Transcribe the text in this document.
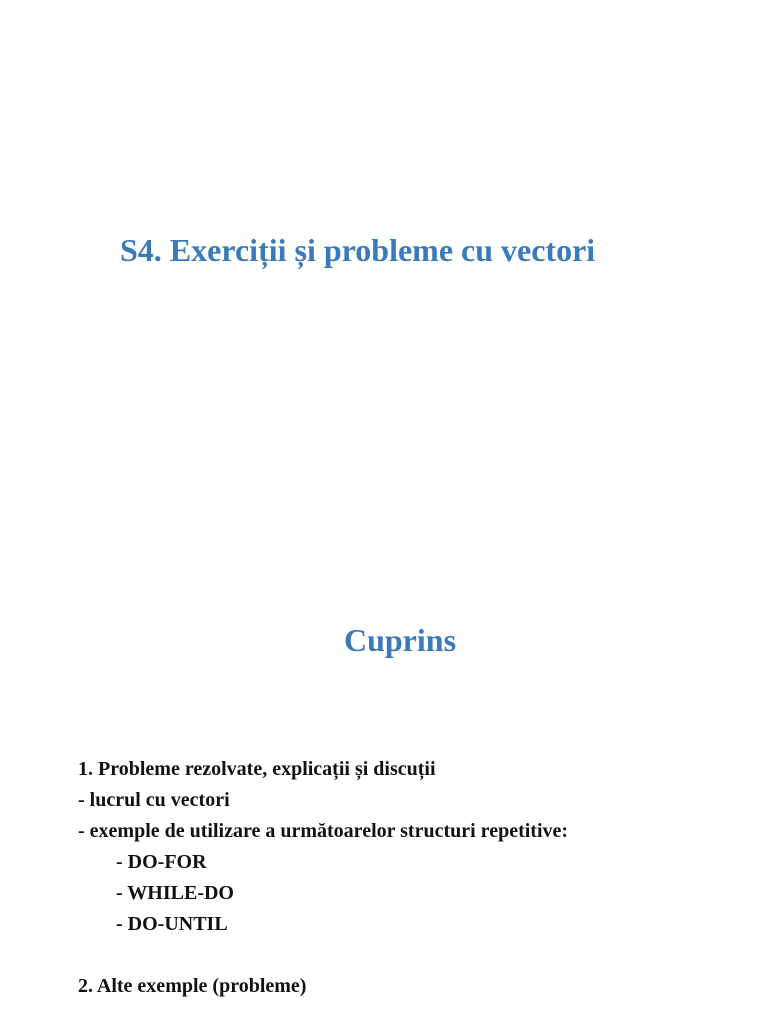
S4. Exerciții și probleme cu vectori
Cuprins
1. Probleme rezolvate, explicații și discuții
- lucrul cu vectori
- exemple de utilizare a următoarelor structuri repetitive:
- DO-FOR
- WHILE-DO
- DO-UNTIL
2. Alte exemple (probleme)
